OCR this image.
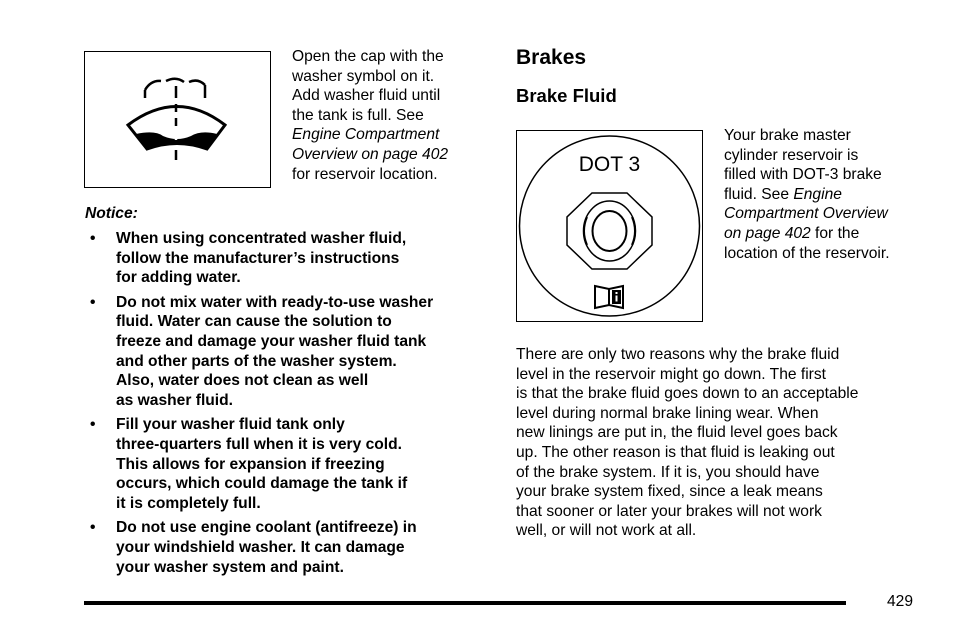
Open the cap with the
washer symbol on it.
Add washer fluid until
the tank is full. See
Engine Compartment
Overview on page 402
for reservoir location.

Notice:

• When using concentrated washer fluid,
follow the manufacturer’s instructions
for adding water.
• Do not mix water with ready-to-use washer
fluid. Water can cause the solution to
freeze and damage your washer fluid tank
and other parts of the washer system.
Also, water does not clean as well
as washer fluid.
• Fill your washer fluid tank only
three-quarters full when it is very cold.
This allows for expansion if freezing
occurs, which could damage the tank if
it is completely full.
• Do not use engine coolant (antifreeze) in
your windshield washer. It can damage
your washer system and paint.
Brakes
Brake Fluid
DOT 3

Your brake master
cylinder reservoir is
filled with DOT-3 brake
fluid. See Engine
Compartment Overview
on page 402 for the
location of the reservoir.

There are only two reasons why the brake fluid
level in the reservoir might go down. The first
is that the brake fluid goes down to an acceptable
level during normal brake lining wear. When
new linings are put in, the fluid level goes back
up. The other reason is that fluid is leaking out
of the brake system. If it is, you should have
your brake system fixed, since a leak means
that sooner or later your brakes will not work
well, or will not work at all.

429
